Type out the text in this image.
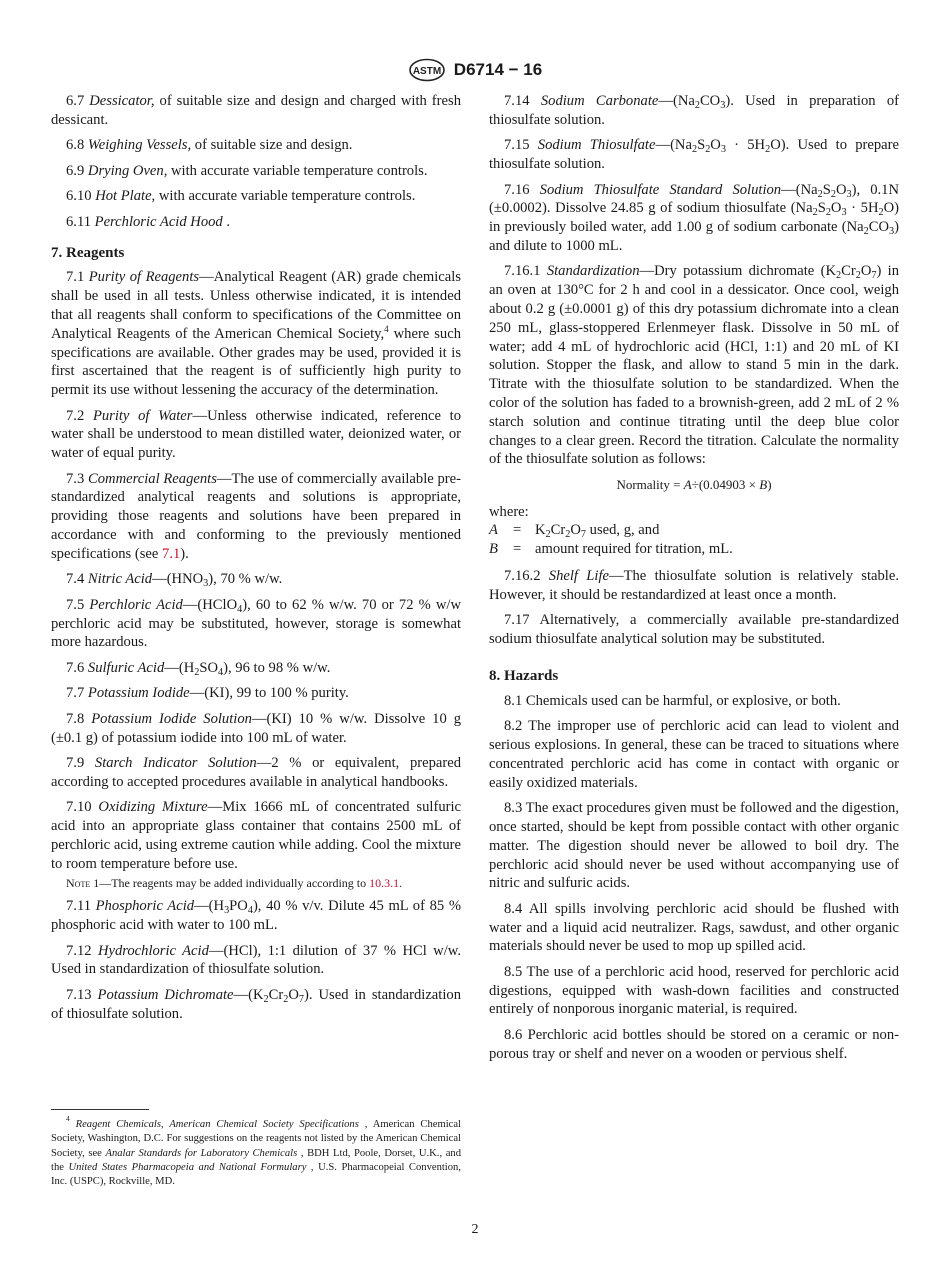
ASTM D6714 − 16

6.7 Dessicator, of suitable size and design and charged with fresh dessicant.

6.8 Weighing Vessels, of suitable size and design.

6.9 Drying Oven, with accurate variable temperature controls.

6.10 Hot Plate, with accurate variable temperature controls.

6.11 Perchloric Acid Hood .

7. Reagents

7.1 Purity of Reagents—Analytical Reagent (AR) grade chemicals shall be used in all tests. Unless otherwise indicated, it is intended that all reagents shall conform to specifications of the Committee on Analytical Reagents of the American Chemical Society,$^4$ where such specifications are available. Other grades may be used, provided it is first ascertained that the reagent is of sufficiently high purity to permit its use without lessening the accuracy of the determination.

7.2 Purity of Water—Unless otherwise indicated, reference to water shall be understood to mean distilled water, deionized water, or water of equal purity.

7.3 Commercial Reagents—The use of commercially available pre-standardized analytical reagents and solutions is appropriate, providing those reagents and solutions have been prepared in accordance with and conforming to the previously mentioned specifications (see 7.1).

7.4 Nitric $Acid—(HNO_3)$, 70 % w/w.

7.5 Perchloric Acid—(HClO$_4$), 60 to 62 % w/w. 70 or 72 % w/w perchloric acid may be substituted, however, storage is somewhat more hazardous.

7.6 Sulfuric $Acid—(H_2SO_4)$, 96 to 98 % w/w.

7.7 Potassium Iodide—(KI), 99 to 100 % purity.

7.8 Potassium Iodide Solution—(KI) 10 % w/w. Dissolve 10 g (±0.1 g) of potassium iodide into 100 mL of water.

7.9 Starch Indicator Solution—2 % or equivalent, prepared according to accepted procedures available in analytical handbooks.

7.10 Oxidizing Mixture—Mix 1666 mL of concentrated sulfuric acid into an appropriate glass container that contains 2500 mL of perchloric acid, using extreme caution while adding. Cool the mixture to room temperature before use.

Note 1—The reagents may be added individually according to 10.3.1.

7.11 Phosphoric $Acid—(H_3PO_4)$, 40 % v/v. Dilute 45 mL of 85 % phosphoric acid with water to 100 mL.

7.12 Hydrochloric Acid—(HCl), 1:1 dilution of 37 % HCl w/w. Used in standardization of thiosulfate solution.

7.13 Potassium $Dichromate—(K_2Cr_2O_7)$. Used in standardization of thiosulfate solution.

$^4$ Reagent Chemicals, American Chemical Society Specifications , American Chemical Society, Washington, D.C. For suggestions on the reagents not listed by the American Chemical Society, see Analar Standards for Laboratory Chemicals , BDH Ltd, Poole, Dorset, U.K., and the United States Pharmacopeia and National Formulary , U.S. Pharmacopeial Convention, Inc. (USPC), Rockville, MD.

7.14 Sodium $Carbonate—(Na_2CO_3)$. Used in preparation of thiosulfate solution.

7.15 Sodium $Thiosulfate—(Na_2S_2O_3 \cdot 5H_2O)$. Used to prepare thiosulfate solution.

7.16 Sodium Thiosulfate Standard $Solution—(Na_2S_2O_3)$, 0.1N (±0.0002). Dissolve 24.85 g of sodium thiosulfate $(Na_2S_2O_3 \cdot 5H_2O)$ in previously boiled water, add 1.00 g of sodium carbonate $(Na_2CO_3)$ and dilute to 1000 mL.

7.16.1 Standardization—Dry potassium dichromate $(K_2Cr_2O_7)$ in an oven at 130°C for 2 h and cool in a dessicator. Once cool, weigh about 0.2 g (±0.0001 g) of this dry potassium dichromate into a clean 250 mL, glass-stoppered Erlenmeyer flask. Dissolve in 50 mL of water; add 4 mL of hydrochloric acid (HCl, 1:1) and 20 mL of KI solution. Stopper the flask, and allow to stand 5 min in the dark. Titrate with the thiosulfate solution to be standardized. When the color of the solution has faded to a brownish-green, add 2 mL of 2 % starch solution and continue titrating until the deep blue color changes to a clear green. Record the titration. Calculate the normality of the thiosulfate solution as follows:

Normality = A÷(0.04903 × B)

where:
A	= $K_2Cr_2O_7$ used, g, and
B	= amount required for titration, mL.

7.16.2 Shelf Life—The thiosulfate solution is relatively stable. However, it should be restandardized at least once a month.

7.17 Alternatively, a commercially available pre-standardized sodium thiosulfate analytical solution may be substituted.

8. Hazards

8.1 Chemicals used can be harmful, or explosive, or both.

8.2 The improper use of perchloric acid can lead to violent and serious explosions. In general, these can be traced to situations where concentrated perchloric acid has come in contact with organic or easily oxidized materials.

8.3 The exact procedures given must be followed and the digestion, once started, should be kept from possible contact with other organic matter. The digestion should never be allowed to boil dry. The perchloric acid should never be used without accompanying use of nitric and sulfuric acids.

8.4 All spills involving perchloric acid should be flushed with water and a liquid acid neutralizer. Rags, sawdust, and other organic materials should never be used to mop up spilled acid.

8.5 The use of a perchloric acid hood, reserved for perchloric acid digestions, equipped with wash-down facilities and constructed entirely of nonporous inorganic material, is required.

8.6 Perchloric acid bottles should be stored on a ceramic or non-porous tray or shelf and never on a wooden or pervious shelf.

2
